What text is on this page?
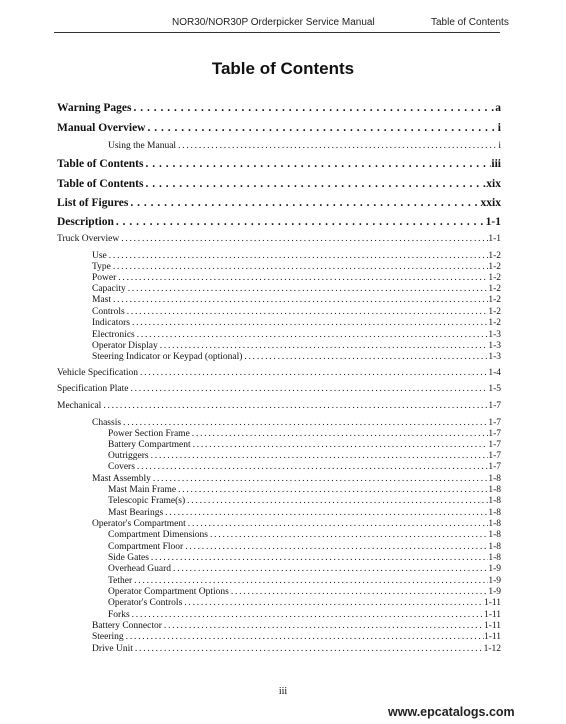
NOR30/NOR30P Orderpicker Service Manual	Table of Contents
Table of Contents
Warning Pages . . .	a
Manual Overview . . .	i
Using the Manual . . .	i
Table of Contents . . .	iii
Table of Contents . . .	xix
List of Figures . . .	xxix
Description . . .	1-1
Truck Overview . . .	1-1
Use . . .	1-2
Type . . .	1-2
Power . . .	1-2
Capacity . . .	1-2
Mast . . .	1-2
Controls . . .	1-2
Indicators . . .	1-2
Electronics . . .	1-3
Operator Display . . .	1-3
Steering Indicator or Keypad (optional) . . .	1-3
Vehicle Specification . . .	1-4
Specification Plate . . .	1-5
Mechanical . . .	1-7
Chassis . . .	1-7
Power Section Frame . . .	1-7
Battery Compartment . . .	1-7
Outriggers . . .	1-7
Covers . . .	1-7
Mast Assembly . . .	1-8
Mast Main Frame . . .	1-8
Telescopic Frame(s) . . .	1-8
Mast Bearings . . .	1-8
Operator's Compartment . . .	1-8
Compartment Dimensions . . .	1-8
Compartment Floor . . .	1-8
Side Gates . . .	1-8
Overhead Guard . . .	1-9
Tether . . .	1-9
Operator Compartment Options . . .	1-9
Operator's Controls . . .	1-11
Forks . . .	1-11
Battery Connector . . .	1-11
Steering . . .	1-11
Drive Unit . . .	1-12
iii
www.epcatalogs.com
